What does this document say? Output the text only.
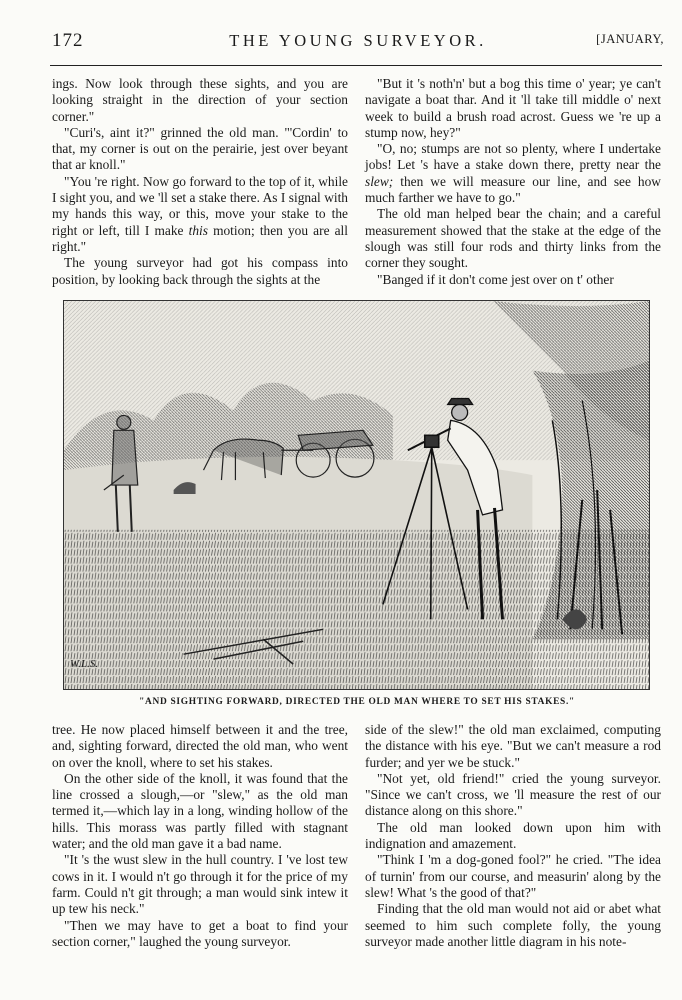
172	THE YOUNG SURVEYOR.	[JANUARY,

ings. Now look through these sights, and you are looking straight in the direction of your section corner."

"Curi's, aint it?" grinned the old man. "'Cordin' to that, my corner is out on the perairie, jest over beyant that ar knoll."

"You 're right. Now go forward to the top of it, while I sight you, and we 'll set a stake there. As I signal with my hands this way, or this, move your stake to the right or left, till I make this motion; then you are all right."

The young surveyor had got his compass into position, by looking back through the sights at the

"But it 's noth'n' but a bog this time o' year; ye can't navigate a boat thar. And it 'll take till middle o' next week to build a brush road acrost. Guess we 're up a stump now, hey?"

"O, no; stumps are not so plenty, where I undertake jobs! Let 's have a stake down there, pretty near the slew; then we will measure our line, and see how much farther we have to go."

The old man helped bear the chain; and a careful measurement showed that the stake at the edge of the slough was still four rods and thirty links from the corner they sought.

"Banged if it don't come jest over on t' other

W.L.S.
"AND SIGHTING FORWARD, DIRECTED THE OLD MAN WHERE TO SET HIS STAKES."

tree. He now placed himself between it and the tree, and, sighting forward, directed the old man, who went on over the knoll, where to set his stakes.

On the other side of the knoll, it was found that the line crossed a slough,—or "slew," as the old man termed it,—which lay in a long, winding hollow of the hills. This morass was partly filled with stagnant water; and the old man gave it a bad name.

"It 's the wust slew in the hull country. I 've lost tew cows in it. I would n't go through it for the price of my farm. Could n't git through; a man would sink intew it up tew his neck."

"Then we may have to get a boat to find your section corner," laughed the young surveyor.

side of the slew!" the old man exclaimed, computing the distance with his eye. "But we can't measure a rod furder; and yer we be stuck."

"Not yet, old friend!" cried the young surveyor. "Since we can't cross, we 'll measure the rest of our distance along on this shore."

The old man looked down upon him with indignation and amazement.

"Think I 'm a dog-goned fool?" he cried. "The idea of turnin' from our course, and measurin' along by the slew! What 's the good of that?"

Finding that the old man would not aid or abet what seemed to him such complete folly, the young surveyor made another little diagram in his note-
